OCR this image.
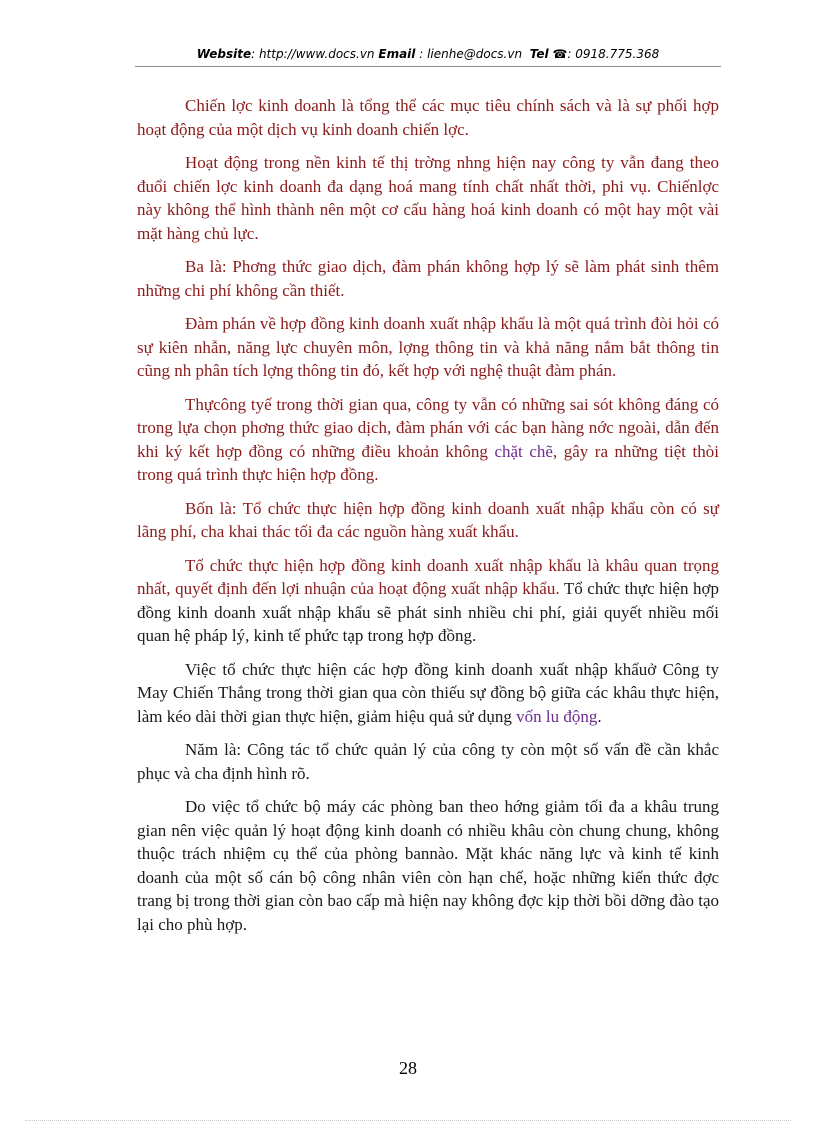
Website: http://www.docs.vn Email : lienhe@docs.vn Tel ☎: 0918.775.368

Chiến lợc kinh doanh là tổng thể các mục tiêu chính sách và là sự phối hợp hoạt động của một dịch vụ kinh doanh chiến lợc.

Hoạt động trong nền kinh tế thị trờng nhng hiện nay công ty vẫn đang theo đuổi chiến lợc kinh doanh đa dạng hoá mang tính chất nhất thời, phi vụ. Chiếnlợc này không thể hình thành nên một cơ cấu hàng hoá kinh doanh có một hay một vài mặt hàng chủ lực.

Ba là: Phơng thức giao dịch, đàm phán không hợp lý sẽ làm phát sinh thêm những chi phí không cần thiết.

Đàm phán về hợp đồng kinh doanh xuất nhập khẩu là một quá trình đòi hỏi có sự kiên nhẫn, năng lực chuyên môn, lợng thông tin và khả năng nắm bắt thông tin cũng nh phân tích lợng thông tin đó, kết hợp với nghệ thuật đàm phán.

Thựcông tyế trong thời gian qua, công ty vẫn có những sai sót không đáng có trong lựa chọn phơng thức giao dịch, đàm phán với các bạn hàng nớc ngoài, dẫn đến khi ký kết hợp đồng có những điều khoản không chặt chẽ, gây ra những tiệt thòi trong quá trình thực hiện hợp đồng.

Bốn là: Tổ chức thực hiện hợp đồng kinh doanh xuất nhập khẩu còn có sự lãng phí, cha khai thác tối đa các nguồn hàng xuất khẩu.

Tổ chức thực hiện hợp đồng kinh doanh xuất nhập khẩu là khâu quan trọng nhất, quyết định đến lợi nhuận của hoạt động xuất nhập khẩu. Tổ chức thực hiện hợp đồng kinh doanh xuất nhập khẩu sẽ phát sinh nhiều chi phí, giải quyết nhiều mối quan hệ pháp lý, kinh tế phức tạp trong hợp đồng.

Việc tổ chức thực hiện các hợp đồng kinh doanh xuất nhập khẩuở Công ty May Chiến Thắng trong thời gian qua còn thiếu sự đồng bộ giữa các khâu thực hiện, làm kéo dài thời gian thực hiện, giảm hiệu quả sử dụng vốn lu động.

Năm là: Công tác tổ chức quản lý của công ty còn một số vấn đề cần khắc phục và cha định hình rõ.

Do việc tổ chức bộ máy các phòng ban theo hớng giảm tối đa a khâu trung gian nên việc quản lý hoạt động kinh doanh có nhiều khâu còn chung chung, không thuộc trách nhiệm cụ thể của phòng bannào. Mặt khác năng lực và kinh tế kinh doanh của một số cán bộ công nhân viên còn hạn chế, hoặc những kiến thức đợc trang bị trong thời gian còn bao cấp mà hiện nay không đợc kịp thời bồi dỡng đào tạo lại cho phù hợp.

28
